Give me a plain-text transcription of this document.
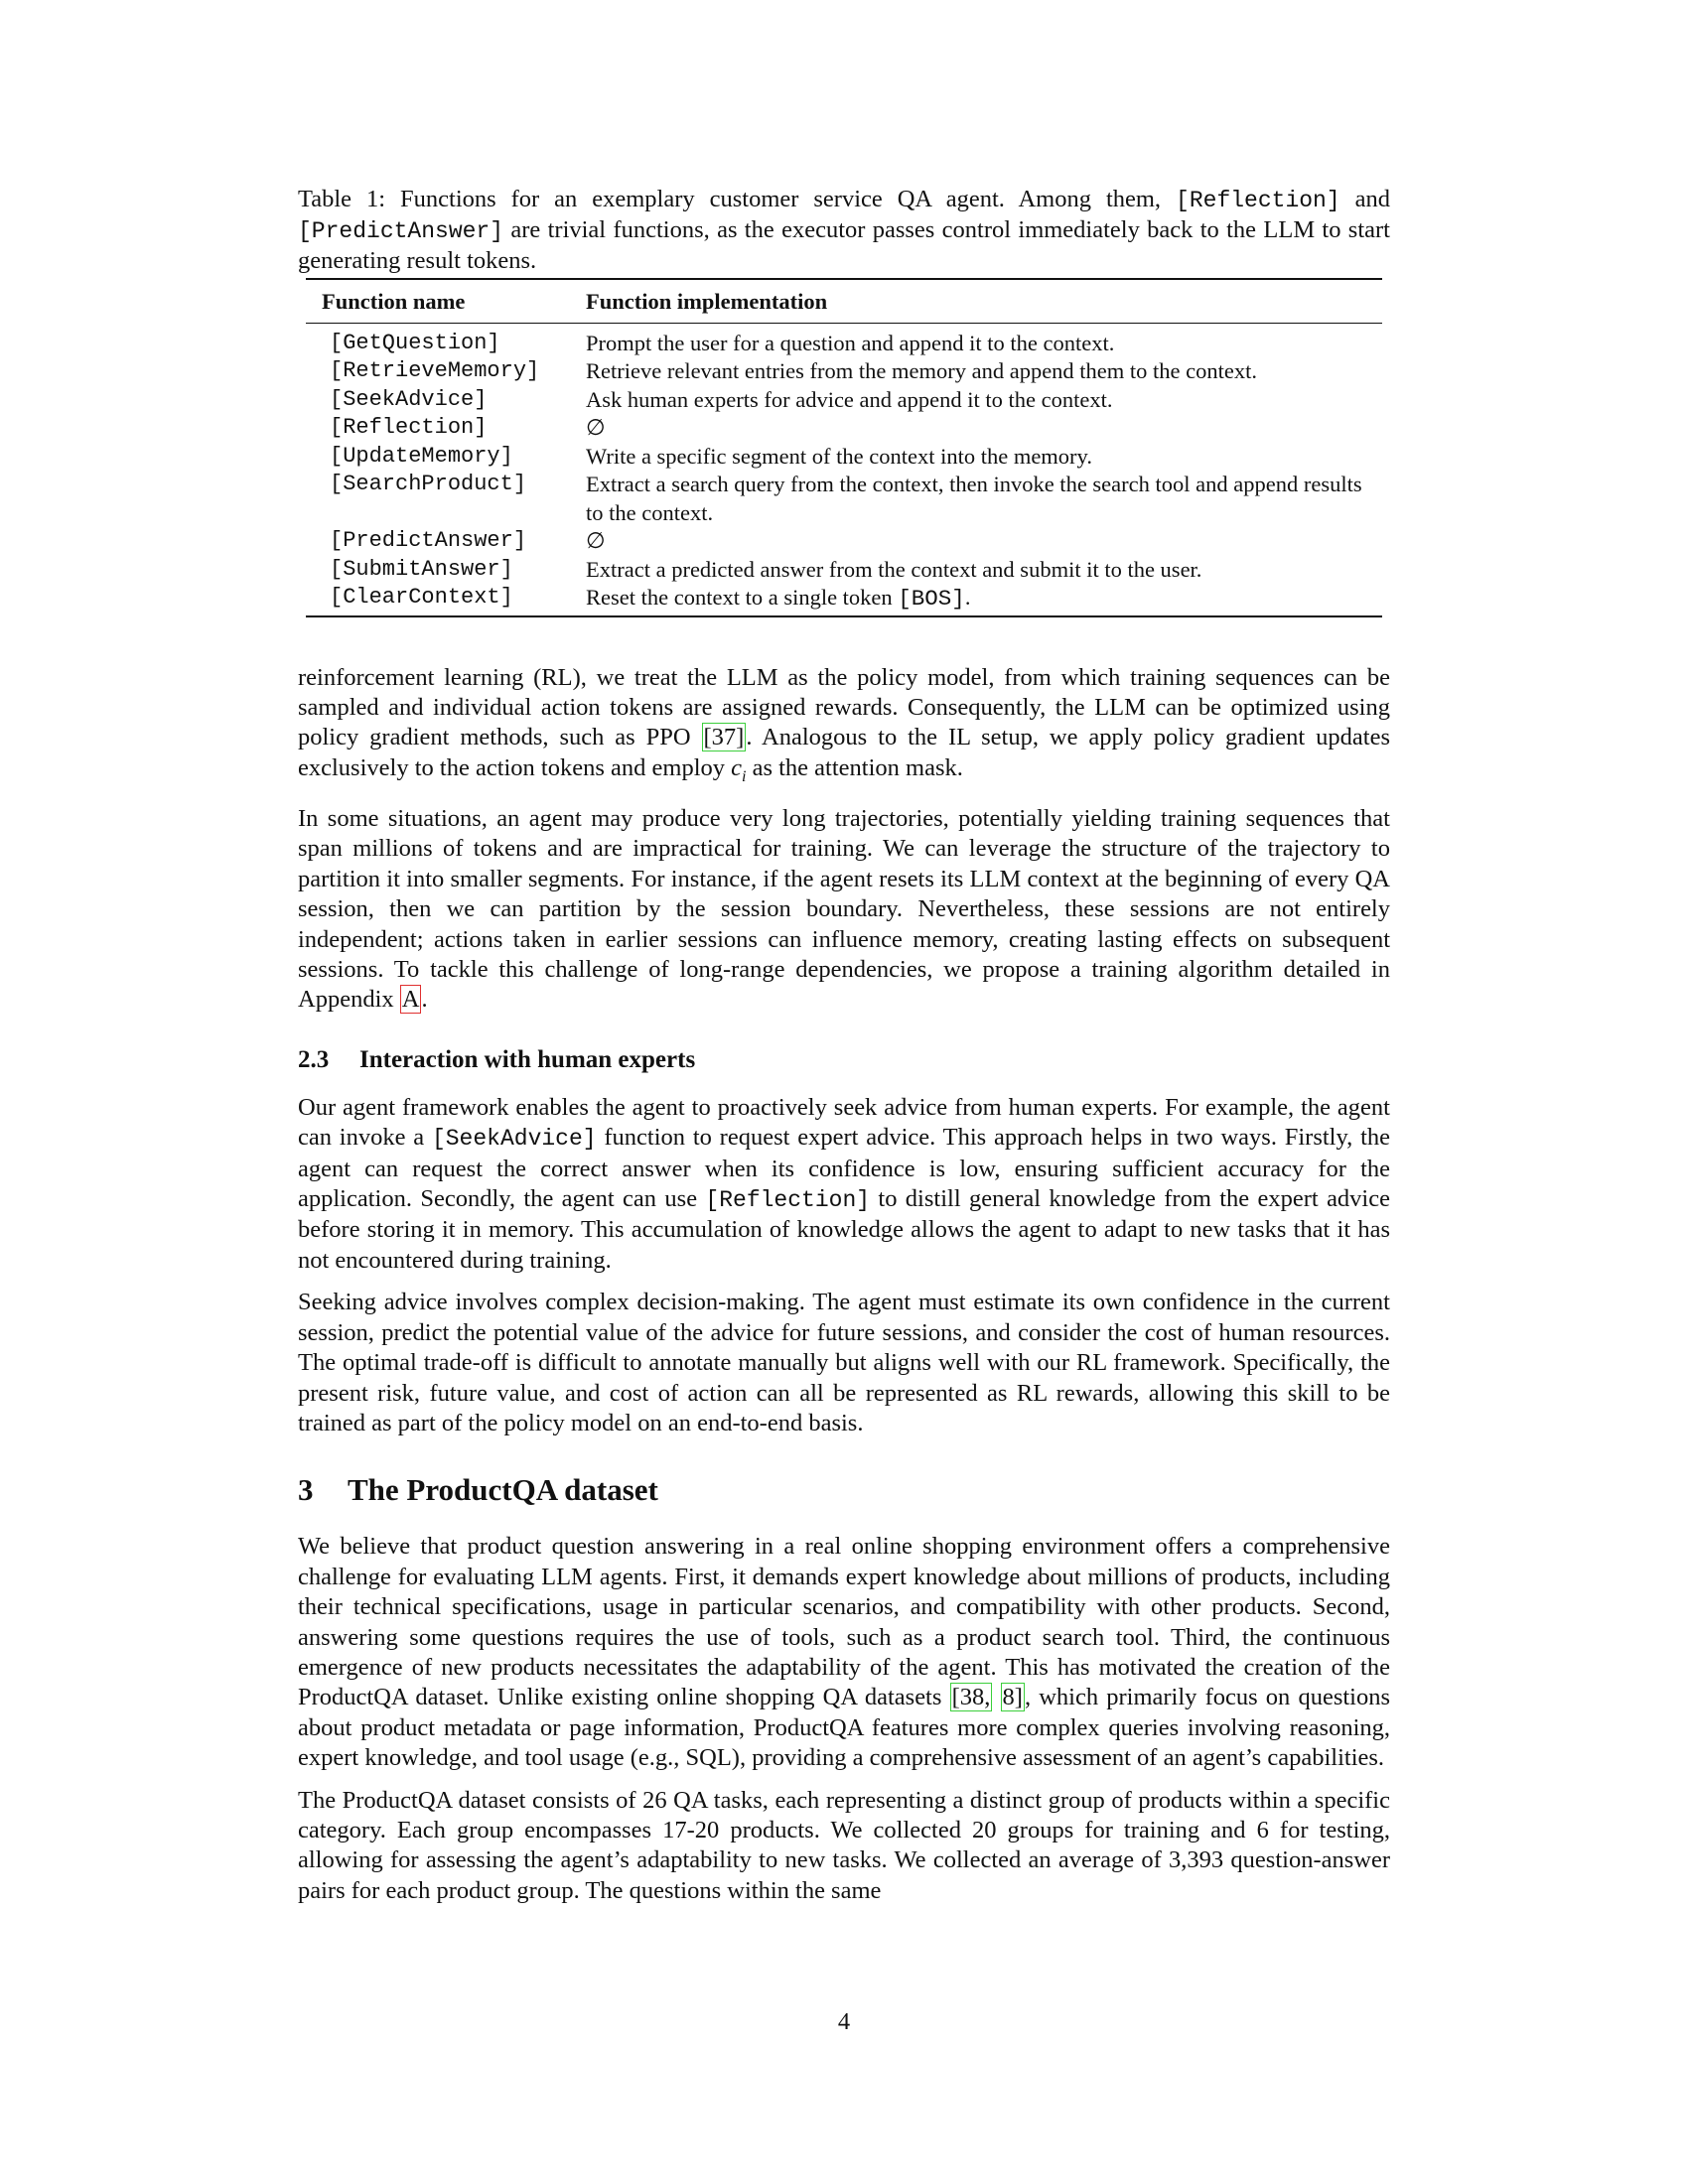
Table 1: Functions for an exemplary customer service QA agent. Among them, [Reflection] and [PredictAnswer] are trivial functions, as the executor passes control immediately back to the LLM to start generating result tokens.

Function name	Function implementation
[GetQuestion]	Prompt the user for a question and append it to the context.
[RetrieveMemory]	Retrieve relevant entries from the memory and append them to the context.
[SeekAdvice]	Ask human experts for advice and append it to the context.
[Reflection]	∅
[UpdateMemory]	Write a specific segment of the context into the memory.
[SearchProduct]	Extract a search query from the context, then invoke the search tool and append results to the context.
[PredictAnswer]	∅
[SubmitAnswer]	Extract a predicted answer from the context and submit it to the user.
[ClearContext]	Reset the context to a single token [BOS].

reinforcement learning (RL), we treat the LLM as the policy model, from which training sequences can be sampled and individual action tokens are assigned rewards. Consequently, the LLM can be optimized using policy gradient methods, such as PPO [37]. Analogous to the IL setup, we apply policy gradient updates exclusively to the action tokens and employ $c_i$ as the attention mask.

In some situations, an agent may produce very long trajectories, potentially yielding training sequences that span millions of tokens and are impractical for training. We can leverage the structure of the trajectory to partition it into smaller segments. For instance, if the agent resets its LLM context at the beginning of every QA session, then we can partition by the session boundary. Nevertheless, these sessions are not entirely independent; actions taken in earlier sessions can influence memory, creating lasting effects on subsequent sessions. To tackle this challenge of long-range dependencies, we propose a training algorithm detailed in Appendix A.

2.3 Interaction with human experts

Our agent framework enables the agent to proactively seek advice from human experts. For example, the agent can invoke a [SeekAdvice] function to request expert advice. This approach helps in two ways. Firstly, the agent can request the correct answer when its confidence is low, ensuring sufficient accuracy for the application. Secondly, the agent can use [Reflection] to distill general knowledge from the expert advice before storing it in memory. This accumulation of knowledge allows the agent to adapt to new tasks that it has not encountered during training.

Seeking advice involves complex decision-making. The agent must estimate its own confidence in the current session, predict the potential value of the advice for future sessions, and consider the cost of human resources. The optimal trade-off is difficult to annotate manually but aligns well with our RL framework. Specifically, the present risk, future value, and cost of action can all be represented as RL rewards, allowing this skill to be trained as part of the policy model on an end-to-end basis.

3 The ProductQA dataset

We believe that product question answering in a real online shopping environment offers a comprehensive challenge for evaluating LLM agents. First, it demands expert knowledge about millions of products, including their technical specifications, usage in particular scenarios, and compatibility with other products. Second, answering some questions requires the use of tools, such as a product search tool. Third, the continuous emergence of new products necessitates the adaptability of the agent. This has motivated the creation of the ProductQA dataset. Unlike existing online shopping QA datasets [38, 8], which primarily focus on questions about product metadata or page information, ProductQA features more complex queries involving reasoning, expert knowledge, and tool usage (e.g., SQL), providing a comprehensive assessment of an agent’s capabilities.

The ProductQA dataset consists of 26 QA tasks, each representing a distinct group of products within a specific category. Each group encompasses 17-20 products. We collected 20 groups for training and 6 for testing, allowing for assessing the agent’s adaptability to new tasks. We collected an average of 3,393 question-answer pairs for each product group. The questions within the same

4
